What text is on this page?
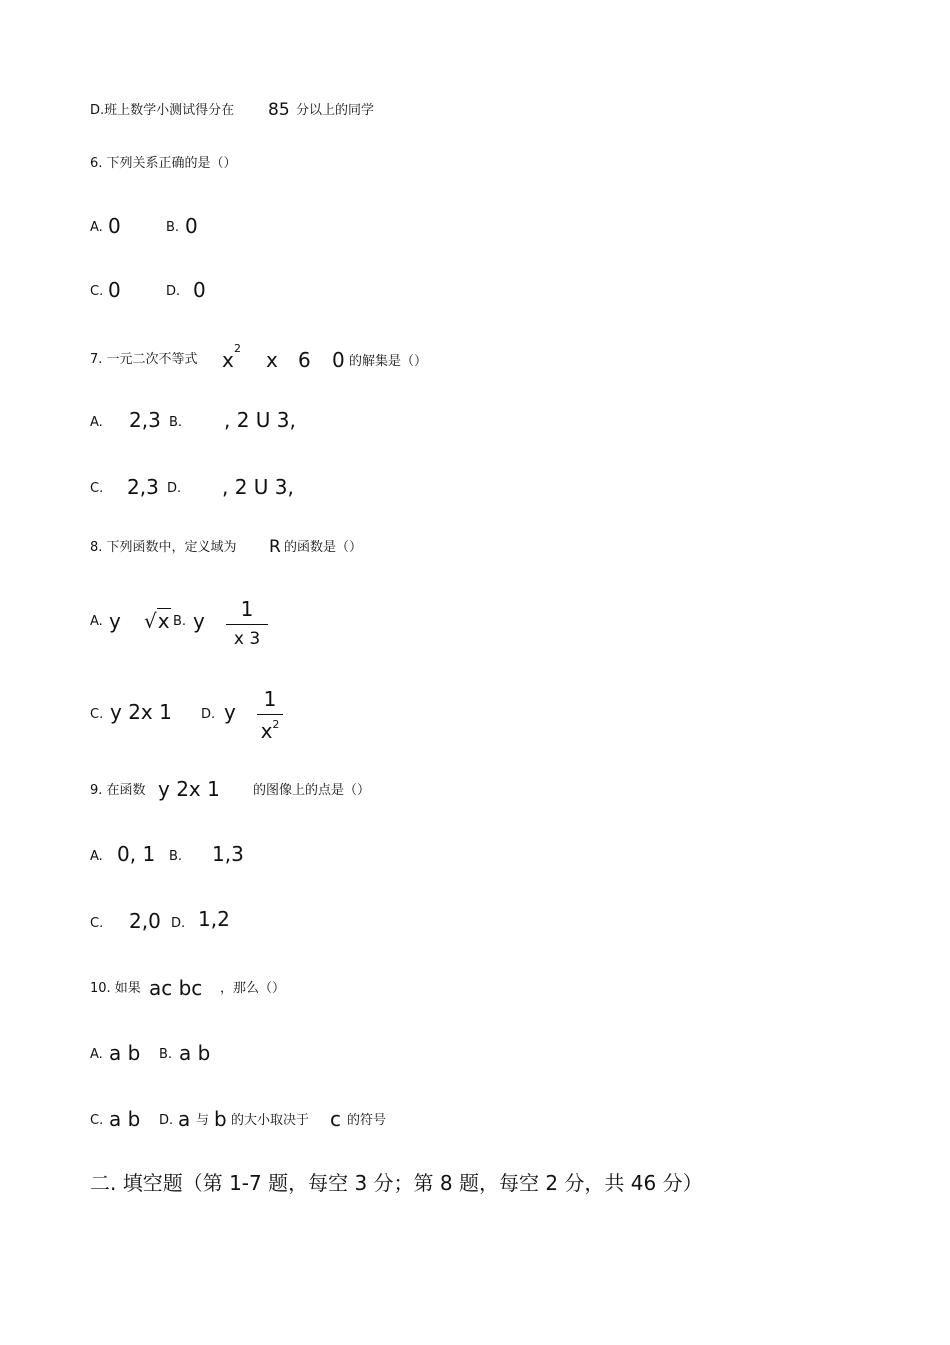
D.班上数学小测试得分在 85 分以上的同学
6. 下列关系正确的是（）
A. 0	B. 0
C. 0	D. 0
7. 一元二次不等式 x 2 x 6 0 的解集是（）
A. 2,3 B. , 2 U 3,
C. 2,3 D. , 2 U 3,
8. 下列函数中，定义域为 R 的函数是（）
A. y √x B. y $\frac{1}{x 3}$
C. y 2x 1 D. y $\frac{1}{x^2}$
9. 在函数 y 2x 1	的图像上的点是（）
A. 0, 1 B. 1,3
C. 2,0 D. 1,2
10. 如果 ac bc ，那么（）
A. a b B. a b
C. a b D. a 与 b 的大小取决于 c 的符号
二. 填空题（第 1-7 题，每空 3 分；第 8 题，每空 2 分，共 46 分）
